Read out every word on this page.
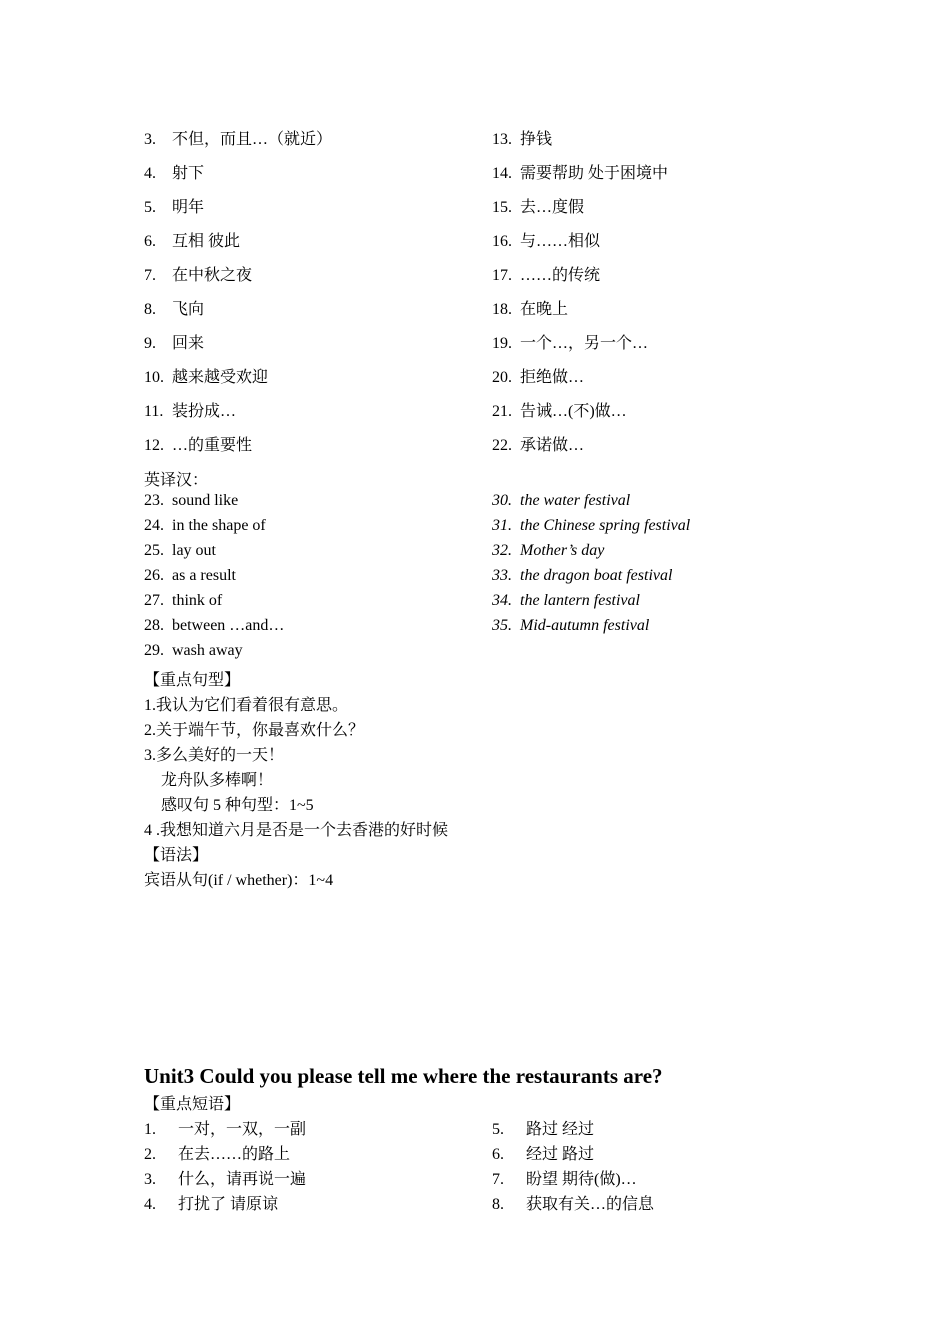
3. 不但，而且…（就近）
4. 射下
5. 明年
6. 互相 彼此
7. 在中秋之夜
8. 飞向
9. 回来
10. 越来越受欢迎
11. 装扮成…
12. …的重要性
13. 挣钱
14. 需要帮助 处于困境中
15. 去…度假
16. 与……相似
17. ……的传统
18. 在晚上
19. 一个…，另一个…
20. 拒绝做…
21. 告诫…(不)做…
22. 承诺做…
英译汉：
23. sound like
24. in the shape of
25. lay out
26. as a result
27. think of
28. between …and…
29. wash away
30. the water festival
31. the Chinese spring festival
32. Mother’s day
33. the dragon boat festival
34. the lantern festival
35. Mid-autumn festival
【重点句型】
1.我认为它们看着很有意思。
2.关于端午节，你最喜欢什么？
3.多么美好的一天！
龙舟队多棒啊！
感叹句 5 种句型：1~5
4 .我想知道六月是否是一个去香港的好时候
【语法】
宾语从句(if / whether)：1~4
Unit3 Could you please tell me where the restaurants are?
【重点短语】
1. 一对，一双，一副
2. 在去……的路上
3. 什么，请再说一遍
4. 打扰了 请原谅
5. 路过 经过
6. 经过 路过
7. 盼望 期待(做)…
8. 获取有关…的信息
